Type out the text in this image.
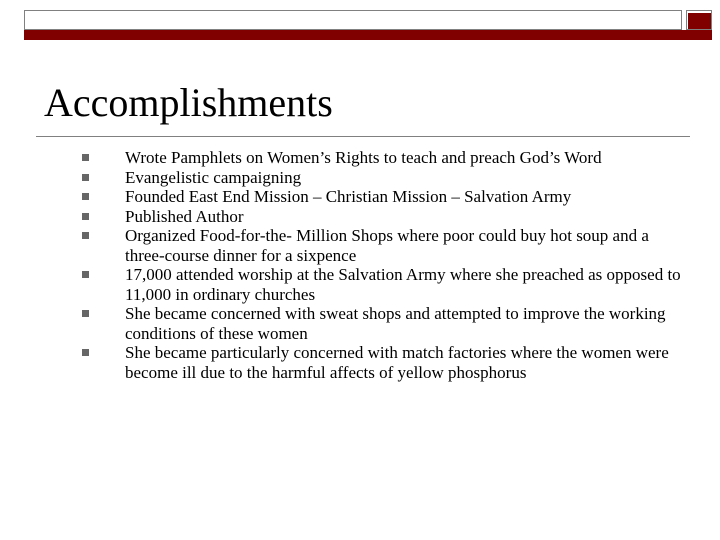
Accomplishments
Wrote Pamphlets on Women’s Rights to teach and preach God’s Word
Evangelistic campaigning
Founded East End Mission – Christian Mission – Salvation Army
Published Author
Organized Food-for-the- Million Shops where poor could buy hot soup and a three-course dinner for a sixpence
17,000 attended worship at the Salvation Army where she preached as opposed to 11,000 in ordinary churches
She became concerned with sweat shops and attempted to improve the working conditions of these women
She became particularly concerned with match factories where the women were become ill due to the harmful affects of yellow phosphorus
